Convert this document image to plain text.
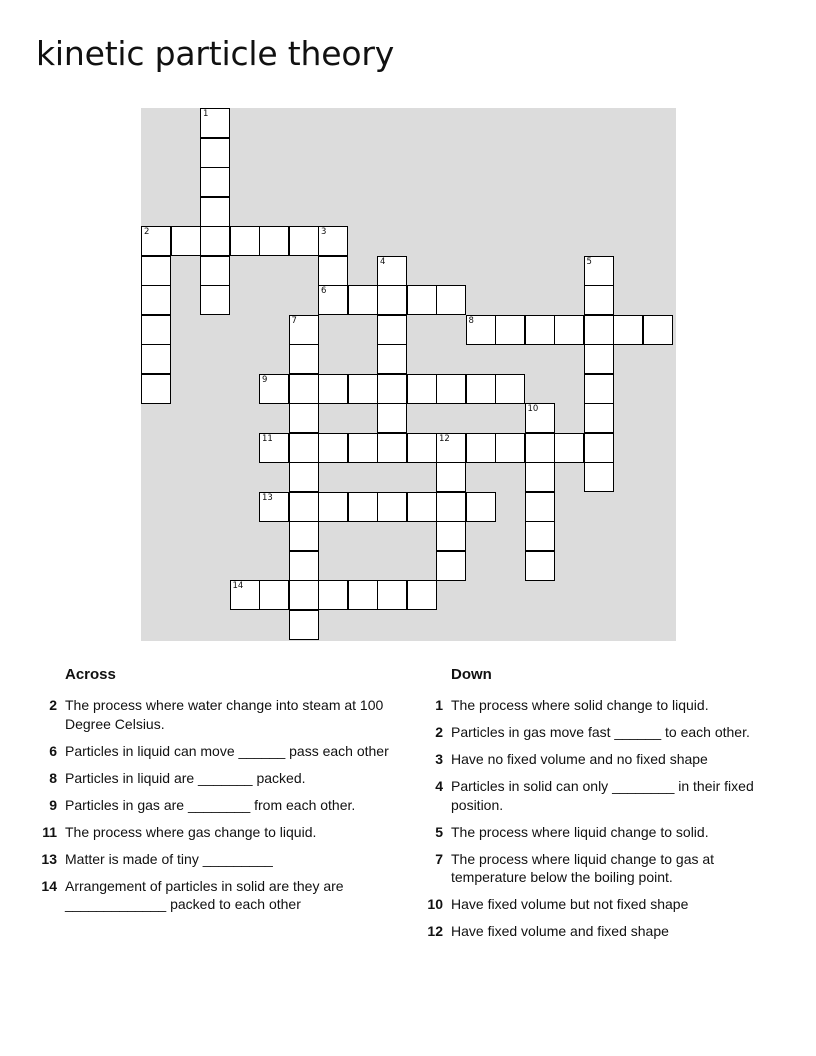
kinetic particle theory
1
2	3
6
4	5
7	8
9
10
11	12
13
14
Across
2 The process where water change into steam at 100 Degree Celsius.
6 Particles in liquid can move ______ pass each other
8 Particles in liquid are _______ packed.
9 Particles in gas are ________ from each other.
11 The process where gas change to liquid.
13 Matter is made of tiny _________
14 Arrangement of particles in solid are they are _____________ packed to each other
Down
1 The process where solid change to liquid.
2 Particles in gas move fast ______ to each other.
3 Have no fixed volume and no fixed shape
4 Particles in solid can only ________ in their fixed position.
5 The process where liquid change to solid.
7 The process where liquid change to gas at temperature below the boiling point.
10 Have fixed volume but not fixed shape
12 Have fixed volume and fixed shape
